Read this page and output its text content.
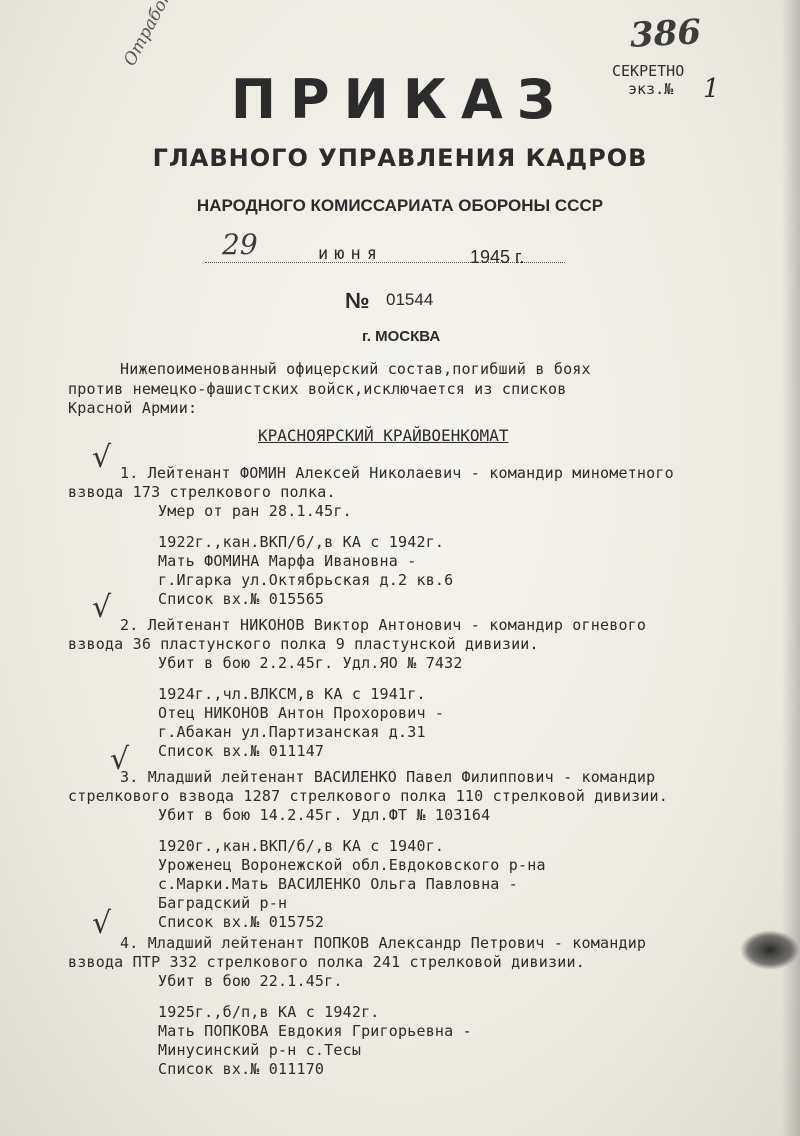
386
СЕКРЕТНО
экз.№ 1
ПРИКАЗ
ГЛАВНОГО УПРАВЛЕНИЯ КАДРОВ
НАРОДНОГО КОМИССАРИАТА ОБОРОНЫ СССР
29	июня	1945 г.
№ 01544
г. МОСКВА
Нижепоименованный офицерский состав,погибший в боях
против немецко-фашистских войск,исключается из списков
Красной Армии:
КРАСНОЯРСКИЙ КРАЙВОЕНКОМАТ
√ 1. Лейтенант ФОМИН Алексей Николаевич - командир минометного
взвода 173 стрелкового полка.
Умер от ран 28.1.45г.
1922г.,кан.ВКП/б/,в КА с 1942г.
Мать ФОМИНА Марфа Ивановна -
г.Игарка ул.Октябрьская д.2 кв.6
Список вх.№ 015565
√ 2. Лейтенант НИКОНОВ Виктор Антонович - командир огневого
взвода 36 пластунского полка 9 пластунской дивизии.
Убит в бою 2.2.45г. Удл.ЯО № 7432
1924г.,чл.ВЛКСМ,в КА с 1941г.
Отец НИКОНОВ Антон Прохорович -
г.Абакан ул.Партизанская д.31
Список вх.№ 011147
√
3. Младший лейтенант ВАСИЛЕНКО Павел Филиппович - командир
стрелкового взвода 1287 стрелкового полка 110 стрелковой дивизии.
Убит в бою 14.2.45г. Удл.ФТ № 103164
1920г.,кан.ВКП/б/,в КА с 1940г.
Уроженец Воронежской обл.Евдоковского р-на
с.Марки.Мать ВАСИЛЕНКО Ольга Павловна -
Баградский р-н
Список вх.№ 015752
√
4. Младший лейтенант ПОПКОВ Александр Петрович - командир
взвода ПТР 332 стрелкового полка 241 стрелковой дивизии.
Убит в бою 22.1.45г.
1925г.,б/п,в КА с 1942г.
Мать ПОПКОВА Евдокия Григорьевна -
Минусинский р-н с.Тесы
Список вх.№ 011170
